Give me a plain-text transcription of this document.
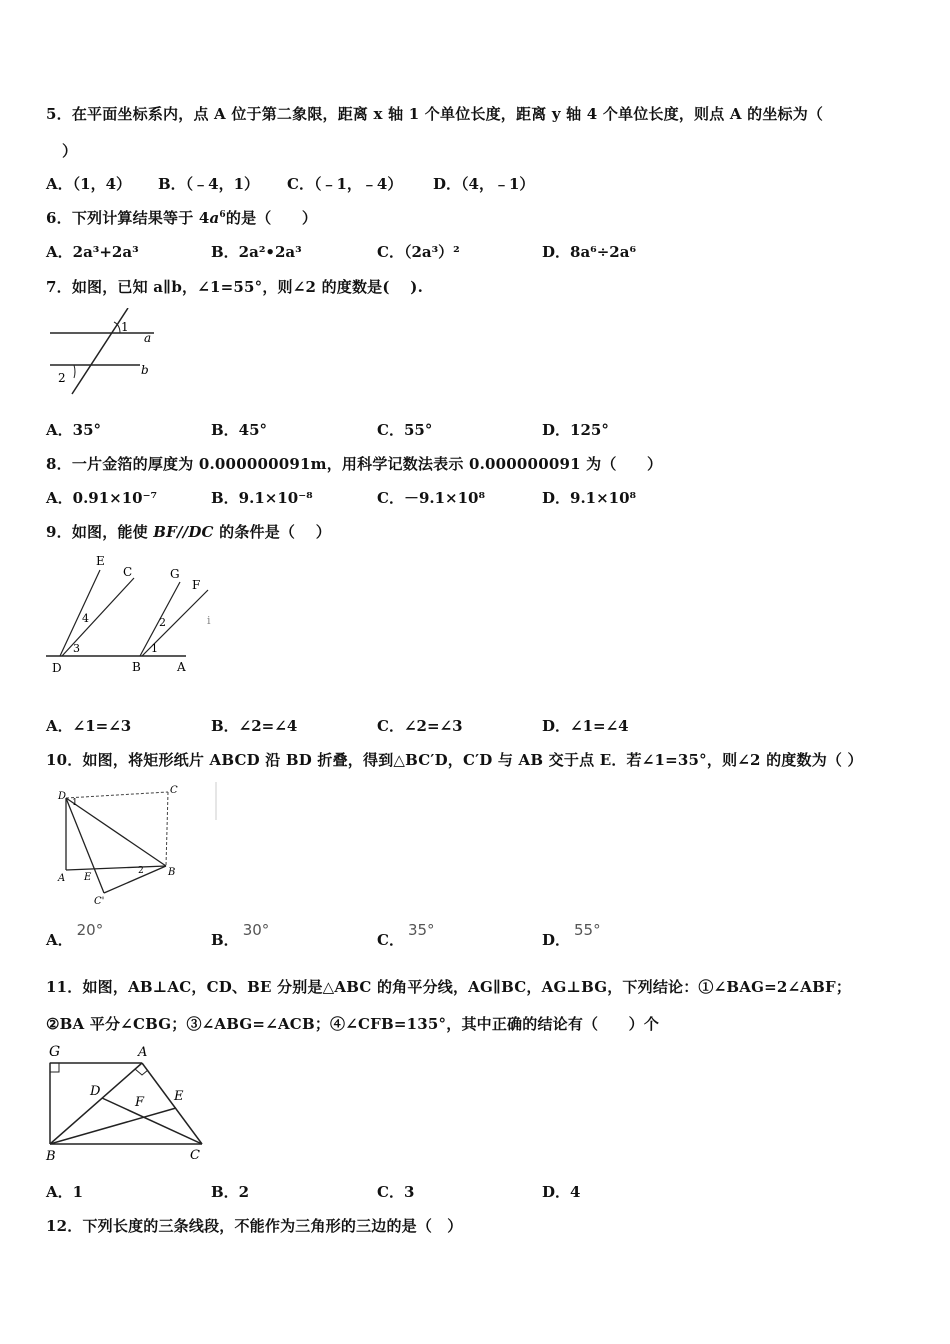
5．在平面坐标系内，点 A 位于第二象限，距离 x 轴 1 个单位长度，距离 y 轴 4 个单位长度，则点 A 的坐标为（
）
A．（1，4） B．（﹣4，1） C．（﹣1，﹣4） D．（4，﹣1）
6．下列计算结果等于 $4a^6$的是（　　）
A．2a³+2a³	B．2a²•2a³	C．（2a³）²	D．8a⁶÷2a⁶
7．如图，已知 a∥b，∠1=55°，则∠2 的度数是(　 ).
1
2
a
b
A．35°	B．45°	C．55°	D．125°
8．一片金箔的厚度为 0.000000091m，用科学记数法表示 0.000000091 为（　　）
A．0.91×10⁻⁷	B．9.1×10⁻⁸	C．－9.1×10⁸	D．9.1×10⁸
9．如图，能使 BF//DC 的条件是（　 ）
E
C	G
F
4	2
3	1
D	B	A
i
A．∠1=∠3	B．∠2=∠4	C．∠2=∠3	D．∠1=∠4
10．如图，将矩形纸片 ABCD 沿 BD 折叠，得到△BC′D，C′D 与 AB 交于点 E．若∠1=35°，则∠2 的度数为（ ）
D
1
C
2
A E	B
C'
A．20°
B．30°
C．35°
D．55°
11．如图，AB⊥AC，CD、BE 分别是△ABC 的角平分线，AG∥BC，AG⊥BG，下列结论：①∠BAG=2∠ABF；
②BA 平分∠CBG；③∠ABG=∠ACB；④∠CFB=135°，其中正确的结论有（　　）个
G	A
D
F E
B	C
A．1	B．2	C．3	D．4
12．下列长度的三条线段，不能作为三角形的三边的是（　）
